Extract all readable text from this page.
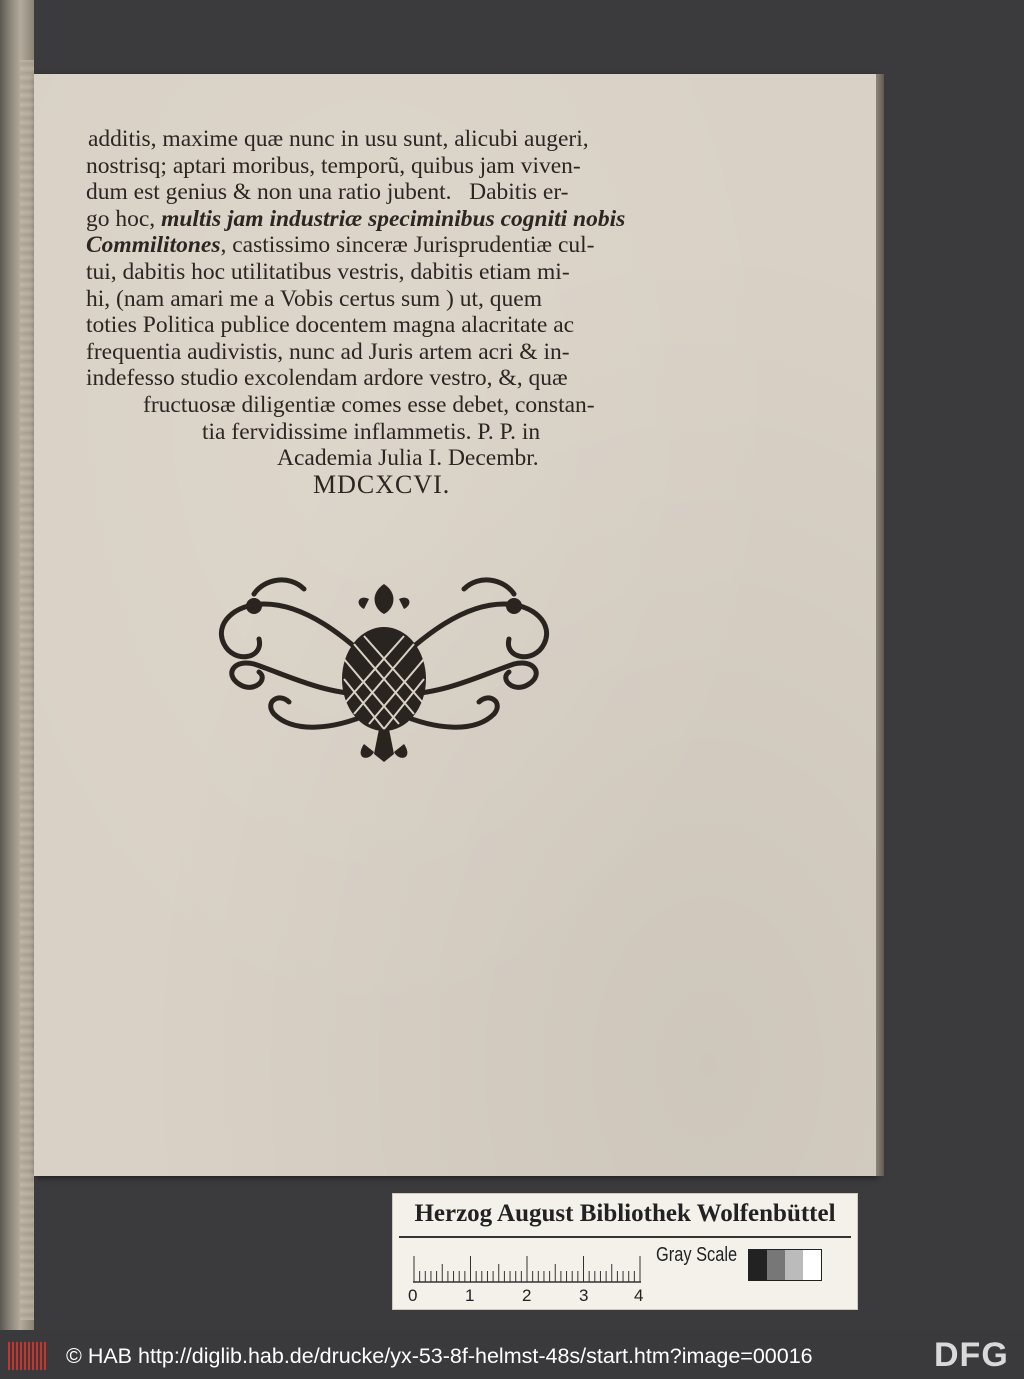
additis, maxime quæ nunc in usu sunt, alicubi augeri,
nostrisq; aptari moribus, temporũ, quibus jam viven-
dum est genius & non una ratio jubent.   Dabitis er-
go hoc, multis jam industriæ speciminibus cogniti nobis
Commilitones, castissimo sinceræ Jurisprudentiæ cul-
tui, dabitis hoc utilitatibus vestris, dabitis etiam mi-
hi, (nam amari me a Vobis certus sum ) ut, quem
toties Politica publice docentem magna alacritate ac
frequentia audivistis, nunc ad Juris artem acri & in-
indefesso studio excolendam ardore vestro, &, quæ
fructuosæ diligentiæ comes esse debet, constan-
tia fervidissime inflammetis. P. P. in
Academia Julia I. Decembr.
MDCXCVI.
Herzog August Bibliothek Wolfenbüttel
Gray Scale
0	1	2	3	4
© HAB http://diglib.hab.de/drucke/yx-53-8f-helmst-48s/start.htm?image=00016	DFG
